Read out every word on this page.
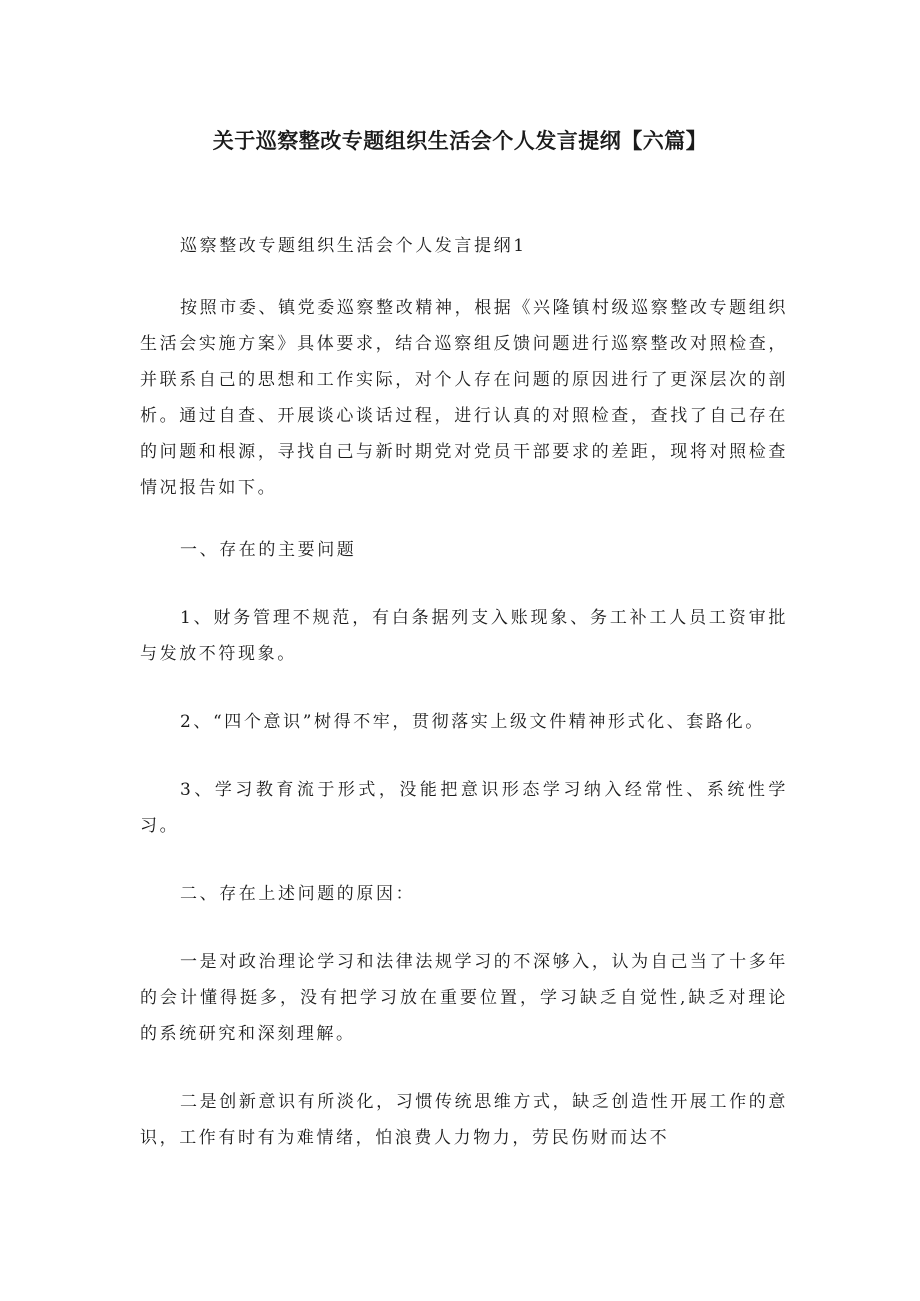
关于巡察整改专题组织生活会个人发言提纲【六篇】

巡察整改专题组织生活会个人发言提纲1

按照市委、镇党委巡察整改精神，根据《兴隆镇村级巡察整改专题组织生活会实施方案》具体要求，结合巡察组反馈问题进行巡察整改对照检查，并联系自己的思想和工作实际，对个人存在问题的原因进行了更深层次的剖析。通过自查、开展谈心谈话过程，进行认真的对照检查，查找了自己存在的问题和根源，寻找自己与新时期党对党员干部要求的差距，现将对照检查情况报告如下。

一、存在的主要问题

1、财务管理不规范，有白条据列支入账现象、务工补工人员工资审批与发放不符现象。

2、“四个意识”树得不牢，贯彻落实上级文件精神形式化、套路化。

3、学习教育流于形式，没能把意识形态学习纳入经常性、系统性学习。

二、存在上述问题的原因：

一是对政治理论学习和法律法规学习的不深够入，认为自己当了十多年的会计懂得挺多，没有把学习放在重要位置，学习缺乏自觉性,缺乏对理论的系统研究和深刻理解。

二是创新意识有所淡化，习惯传统思维方式，缺乏创造性开展工作的意识，工作有时有为难情绪，怕浪费人力物力，劳民伤财而达不
